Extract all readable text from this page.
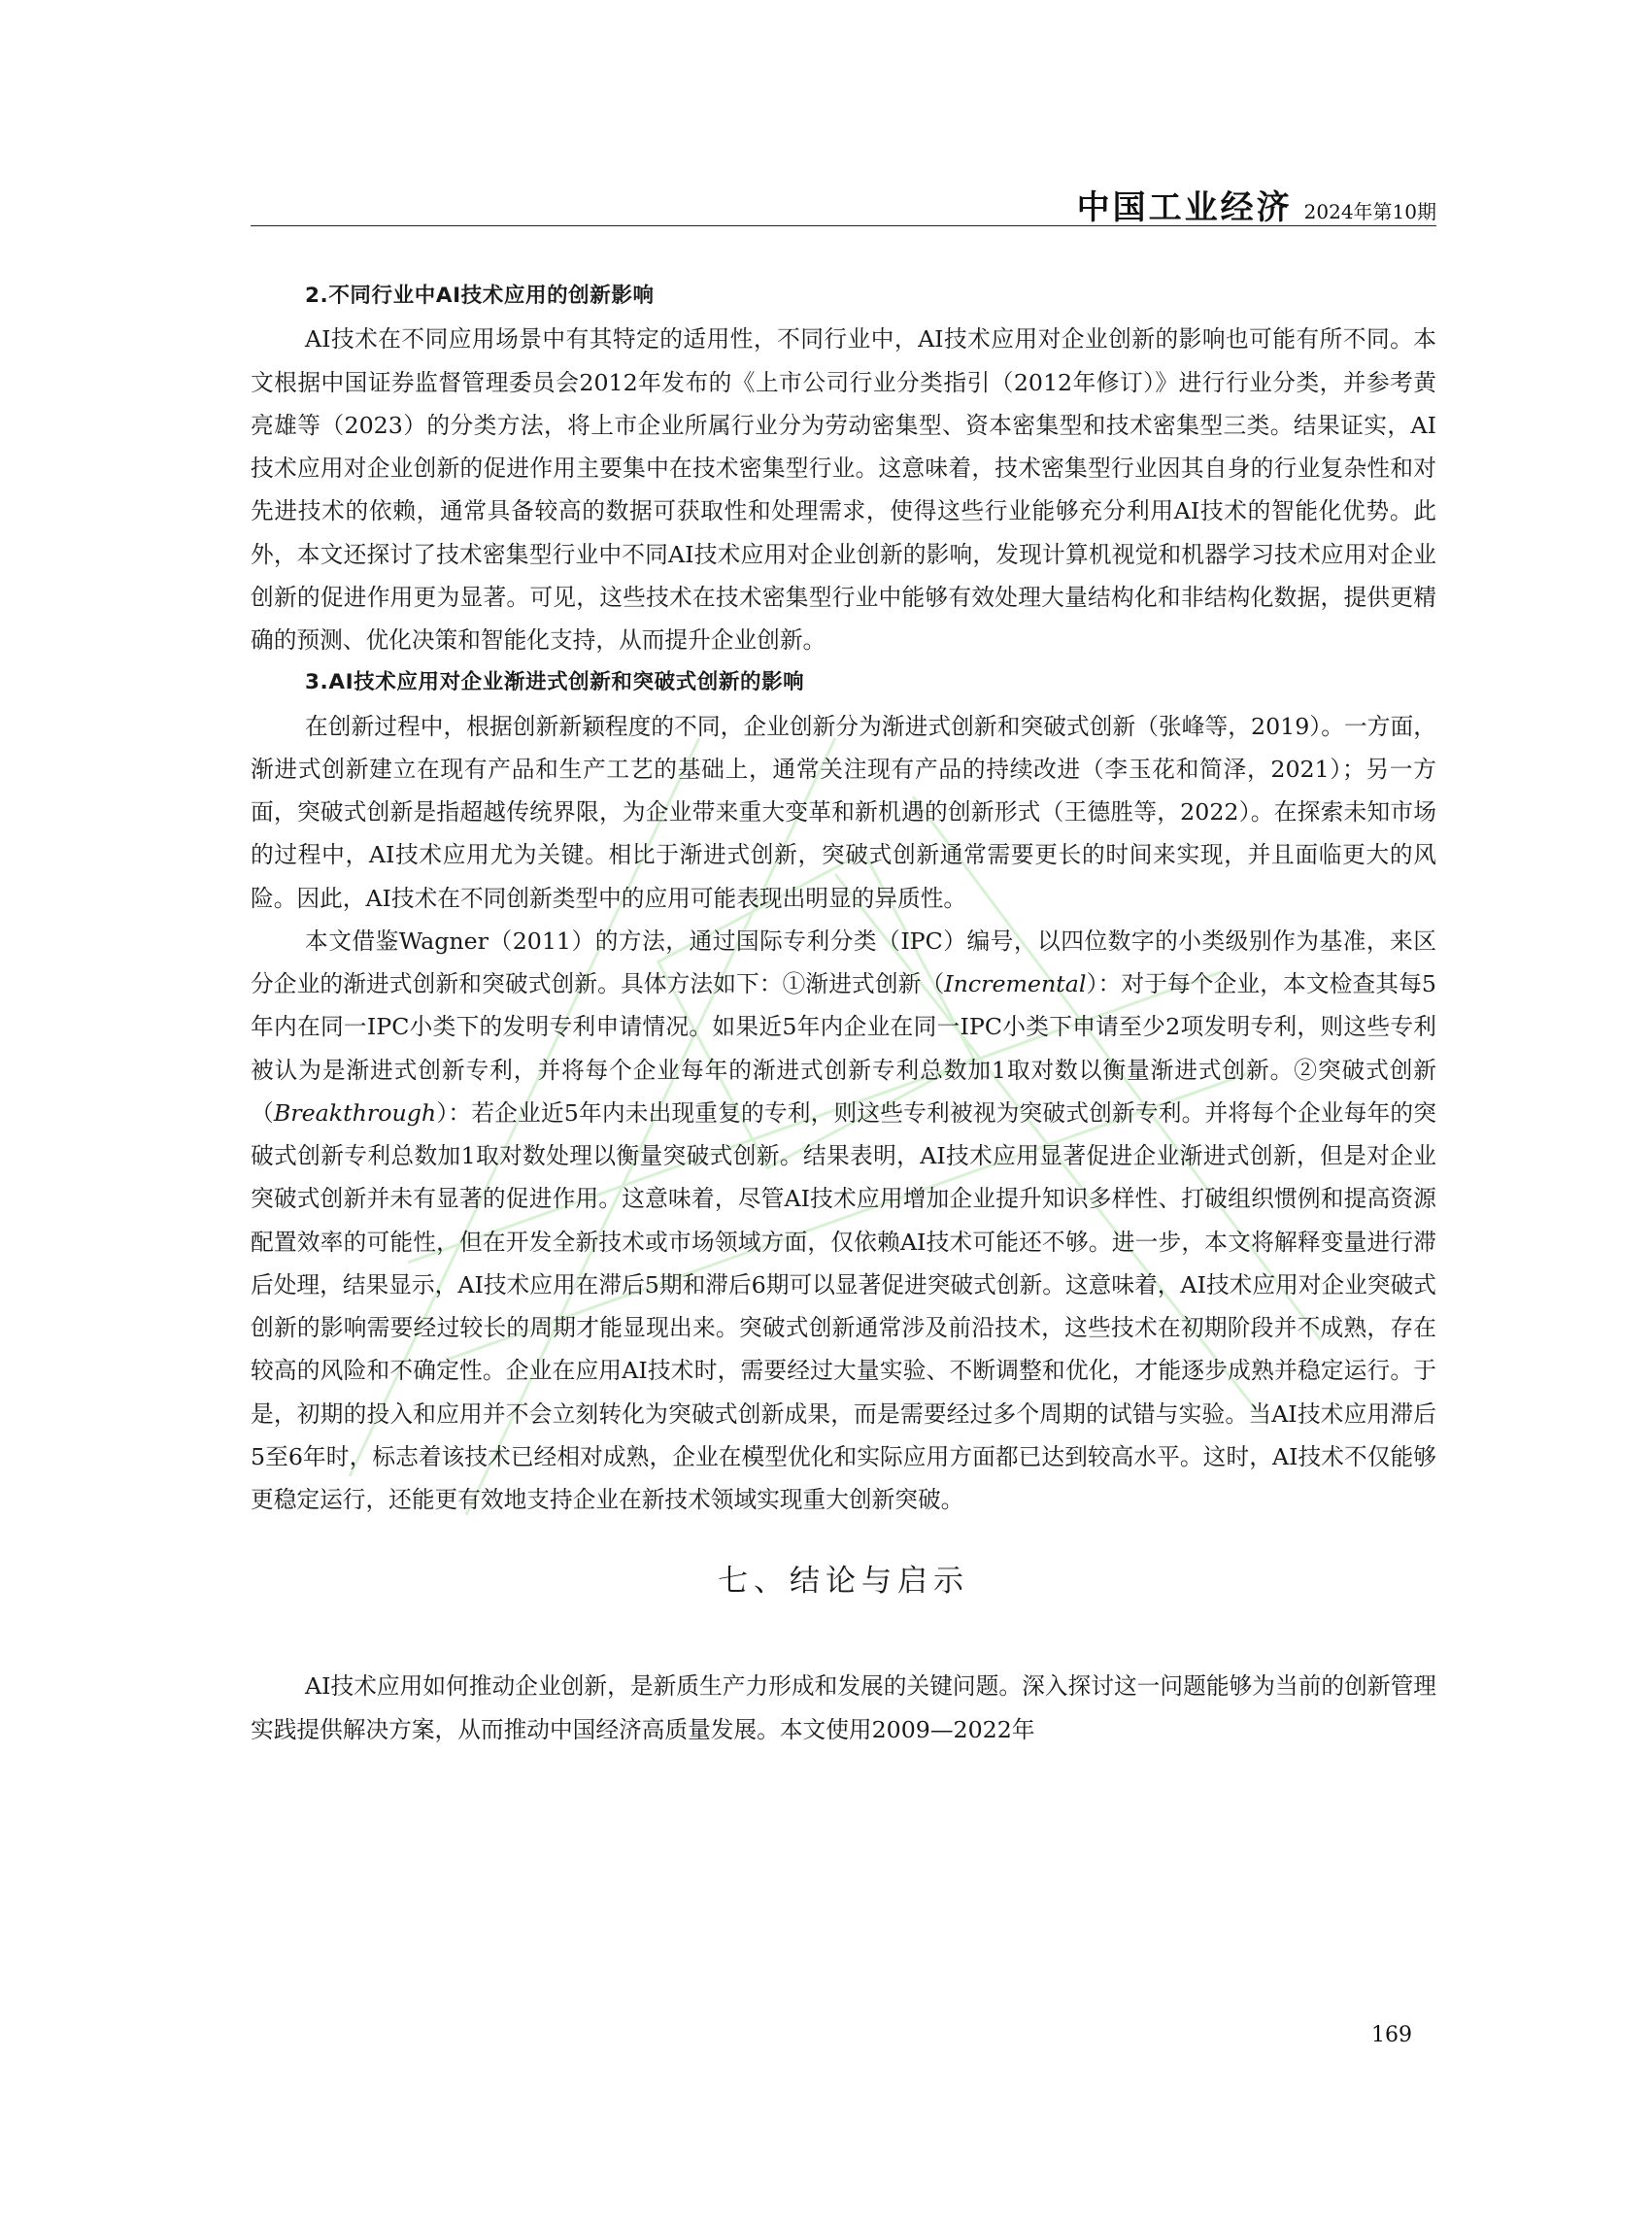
中国工业经济 2024年第10期

2.不同行业中AI技术应用的创新影响

AI技术在不同应用场景中有其特定的适用性，不同行业中，AI技术应用对企业创新的影响也可能有所不同。本文根据中国证券监督管理委员会2012年发布的《上市公司行业分类指引（2012年修订）》进行行业分类，并参考黄亮雄等（2023）的分类方法，将上市企业所属行业分为劳动密集型、资本密集型和技术密集型三类。结果证实，AI技术应用对企业创新的促进作用主要集中在技术密集型行业。这意味着，技术密集型行业因其自身的行业复杂性和对先进技术的依赖，通常具备较高的数据可获取性和处理需求，使得这些行业能够充分利用AI技术的智能化优势。此外，本文还探讨了技术密集型行业中不同AI技术应用对企业创新的影响，发现计算机视觉和机器学习技术应用对企业创新的促进作用更为显著。可见，这些技术在技术密集型行业中能够有效处理大量结构化和非结构化数据，提供更精确的预测、优化决策和智能化支持，从而提升企业创新。

3.AI技术应用对企业渐进式创新和突破式创新的影响

在创新过程中，根据创新新颖程度的不同，企业创新分为渐进式创新和突破式创新（张峰等，2019）。一方面，渐进式创新建立在现有产品和生产工艺的基础上，通常关注现有产品的持续改进（李玉花和简泽，2021）；另一方面，突破式创新是指超越传统界限，为企业带来重大变革和新机遇的创新形式（王德胜等，2022）。在探索未知市场的过程中，AI技术应用尤为关键。相比于渐进式创新，突破式创新通常需要更长的时间来实现，并且面临更大的风险。因此，AI技术在不同创新类型中的应用可能表现出明显的异质性。

本文借鉴Wagner（2011）的方法，通过国际专利分类（IPC）编号，以四位数字的小类级别作为基准，来区分企业的渐进式创新和突破式创新。具体方法如下：①渐进式创新（Incremental）：对于每个企业，本文检查其每5年内在同一IPC小类下的发明专利申请情况。如果近5年内企业在同一IPC小类下申请至少2项发明专利，则这些专利被认为是渐进式创新专利，并将每个企业每年的渐进式创新专利总数加1取对数以衡量渐进式创新。②突破式创新（Breakthrough）：若企业近5年内未出现重复的专利，则这些专利被视为突破式创新专利。并将每个企业每年的突破式创新专利总数加1取对数处理以衡量突破式创新。结果表明，AI技术应用显著促进企业渐进式创新，但是对企业突破式创新并未有显著的促进作用。这意味着，尽管AI技术应用增加企业提升知识多样性、打破组织惯例和提高资源配置效率的可能性，但在开发全新技术或市场领域方面，仅依赖AI技术可能还不够。进一步，本文将解释变量进行滞后处理，结果显示，AI技术应用在滞后5期和滞后6期可以显著促进突破式创新。这意味着，AI技术应用对企业突破式创新的影响需要经过较长的周期才能显现出来。突破式创新通常涉及前沿技术，这些技术在初期阶段并不成熟，存在较高的风险和不确定性。企业在应用AI技术时，需要经过大量实验、不断调整和优化，才能逐步成熟并稳定运行。于是，初期的投入和应用并不会立刻转化为突破式创新成果，而是需要经过多个周期的试错与实验。当AI技术应用滞后5至6年时，标志着该技术已经相对成熟，企业在模型优化和实际应用方面都已达到较高水平。这时，AI技术不仅能够更稳定运行，还能更有效地支持企业在新技术领域实现重大创新突破。

七、结论与启示

AI技术应用如何推动企业创新，是新质生产力形成和发展的关键问题。深入探讨这一问题能够为当前的创新管理实践提供解决方案，从而推动中国经济高质量发展。本文使用2009—2022年

169
